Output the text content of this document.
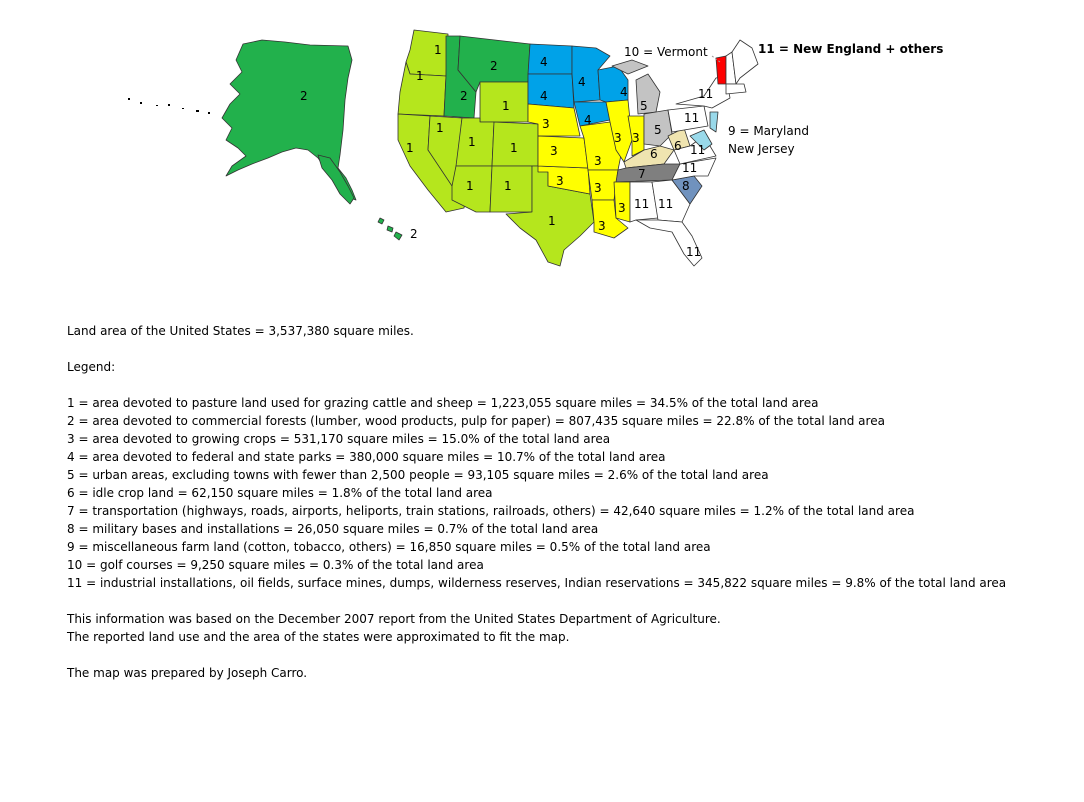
2
2
1
1
2
2
1
1
1	1	1
1	1
1
4
4
4	4
4
3
3
3
3
3
3 3
3
3
5
5
6
6
7
8
11
11
11
11
11 11
11
10 = Vermont	11 = New England + others
9 = Maryland
New Jersey
Land area of the United States = 3,537,380 square miles.
Legend:
1 = area devoted to pasture land used for grazing cattle and sheep = 1,223,055 square miles = 34.5% of the total land area
2 = area devoted to commercial forests (lumber, wood products, pulp for paper) = 807,435 square miles = 22.8% of the total land area
3 = area devoted to growing crops = 531,170 square miles = 15.0% of the total land area
4 = area devoted to federal and state parks = 380,000 square miles = 10.7% of the total land area
5 = urban areas, excluding towns with fewer than 2,500 people = 93,105 square miles = 2.6% of the total land area
6 = idle crop land = 62,150 square miles = 1.8% of the total land area
7 = transportation (highways, roads, airports, heliports, train stations, railroads, others) = 42,640 square miles = 1.2% of the total land area
8 = military bases and installations = 26,050 square miles = 0.7% of the total land area
9 = miscellaneous farm land (cotton, tobacco, others) = 16,850 square miles = 0.5% of the total land area
10 = golf courses = 9,250 square miles = 0.3% of the total land area
11 = industrial installations, oil fields, surface mines, dumps, wilderness reserves, Indian reservations = 345,822 square miles = 9.8% of the total land area
This information was based on the December 2007 report from the United States Department of Agriculture.
The reported land use and the area of the states were approximated to fit the map.
The map was prepared by Joseph Carro.
